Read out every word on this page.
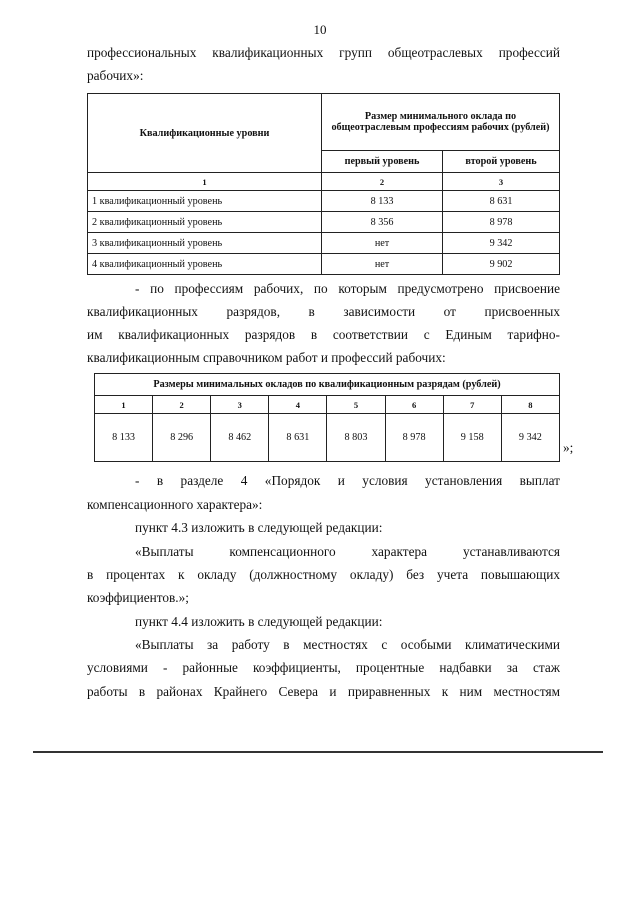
10
профессиональных квалификационных групп общеотраслевых профессий
рабочих»:
Квалификационные уровни	Размер минимального оклада по общеотраслевым профессиям рабочих (рублей)	
	первый уровень	второй уровень
1	2	3
1 квалификационный уровень	8 133	8 631
2 квалификационный уровень	8 356	8 978
3 квалификационный уровень	нет	9 342
4 квалификационный уровень	нет	9 902
- по профессиям рабочих, по которым предусмотрено присвоение
квалификационных разрядов, в зависимости от присвоенных
им квалификационных разрядов в соответствии с Единым тарифно-
квалификационным справочником работ и профессий рабочих:
Размеры минимальных окладов по квалификационным разрядам (рублей)							
1	2	3	4	5	6	7	8
8 133	8 296	8 462	8 631	8 803	8 978	9 158	9 342
»;
- в разделе 4 «Порядок и условия установления выплат
компенсационного характера»:
пункт 4.3 изложить в следующей редакции:
«Выплаты компенсационного характера устанавливаются
в процентах к окладу (должностному окладу) без учета повышающих
коэффициентов.»;
пункт 4.4 изложить в следующей редакции:
«Выплаты за работу в местностях с особыми климатическими
условиями - районные коэффициенты, процентные надбавки за стаж
работы в районах Крайнего Севера и приравненных к ним местностям
